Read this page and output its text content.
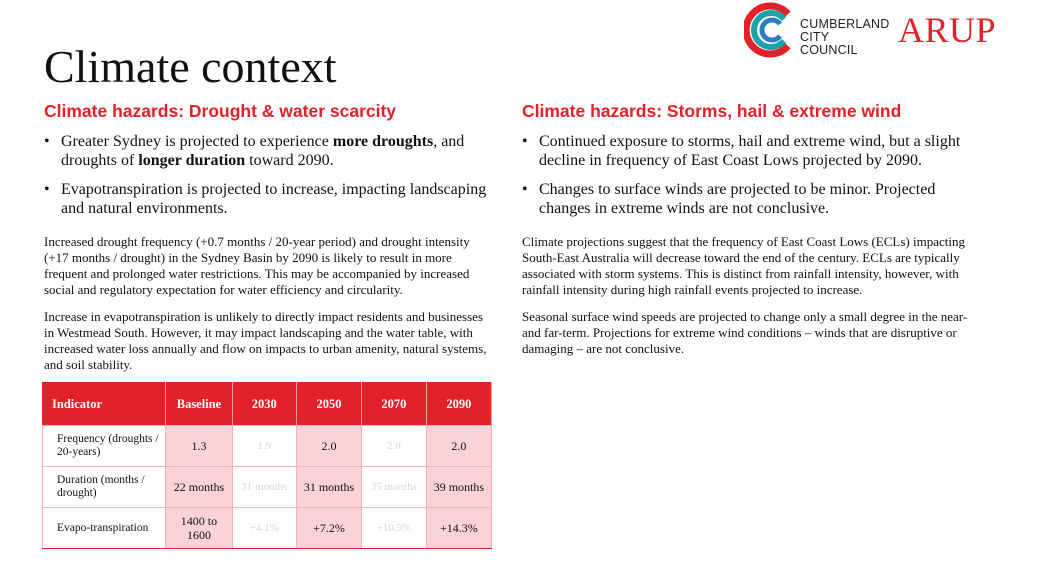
Climate context
CUMBERLAND
CITY COUNCIL	ARUP
Climate hazards: Drought & water scarcity
• Greater Sydney is projected to experience more droughts, and droughts of longer duration toward 2090.
• Evapotranspiration is projected to increase, impacting landscaping and natural environments.

Increased drought frequency (+0.7 months / 20-year period) and drought intensity (+17 months / drought) in the Sydney Basin by 2090 is likely to result in more frequent and prolonged water restrictions. This may be accompanied by increased social and regulatory expectation for water efficiency and circularity.

Increase in evapotranspiration is unlikely to directly impact residents and businesses in Westmead South. However, it may impact landscaping and the water table, with increased water loss annually and flow on impacts to urban amenity, natural systems, and soil stability.

Climate hazards: Storms, hail & extreme wind
• Continued exposure to storms, hail and extreme wind, but a slight decline in frequency of East Coast Lows projected by 2090.
• Changes to surface winds are projected to be minor. Projected changes in extreme winds are not conclusive.

Climate projections suggest that the frequency of East Coast Lows (ECLs) impacting South-East Australia will decrease toward the end of the century. ECLs are typically associated with storm systems. This is distinct from rainfall intensity, however, with rainfall intensity during high rainfall events projected to increase.

Seasonal surface wind speeds are projected to change only a small degree in the near- and far-term. Projections for extreme wind conditions – winds that are disruptive or damaging – are not conclusive.

Indicator	Baseline	2030	2050	2070	2090
Frequency (droughts / 20-years)	1.3	1.9	2.0	2.0	2.0
Duration (months / drought)	22 months	31 months	31 months	35 months	39 months
Evapo-transpiration	1400 to 1600	+4.1%	+7.2%	+10.5%	+14.3%
